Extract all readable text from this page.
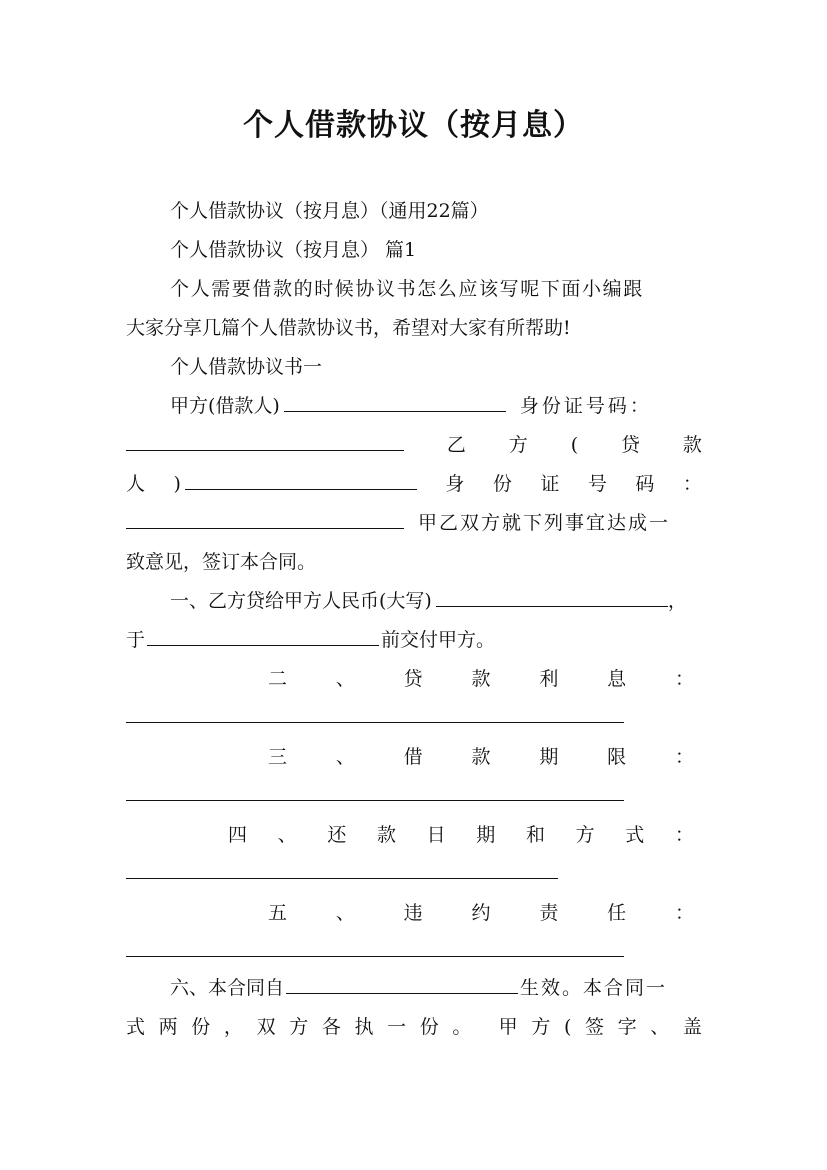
个人借款协议（按月息）
个人借款协议（按月息）（通用22篇）
个人借款协议（按月息） 篇1
个人需要借款的时候协议书怎么应该写呢下面小编跟
大家分享几篇个人借款协议书，希望对大家有所帮助!
个人借款协议书一
甲方(借款人)	身份证号码：
乙 方 ( 贷 款
人 )	身 份 证 号 码 ：
甲乙双方就下列事宜达成一
致意见，签订本合同。
一、乙方贷给甲方人民币(大写)	，
于	前交付甲方。
二	、	贷	款	利	息	：
三	、	借	款	期	限	：
四 、 还 款 日 期 和 方 式 ：
五	、	违	约	责	任	：
六、本合同自	生效。本合同一
式 两 份 ， 双 方 各 执 一 份 。 甲 方 ( 签 字 、 盖
